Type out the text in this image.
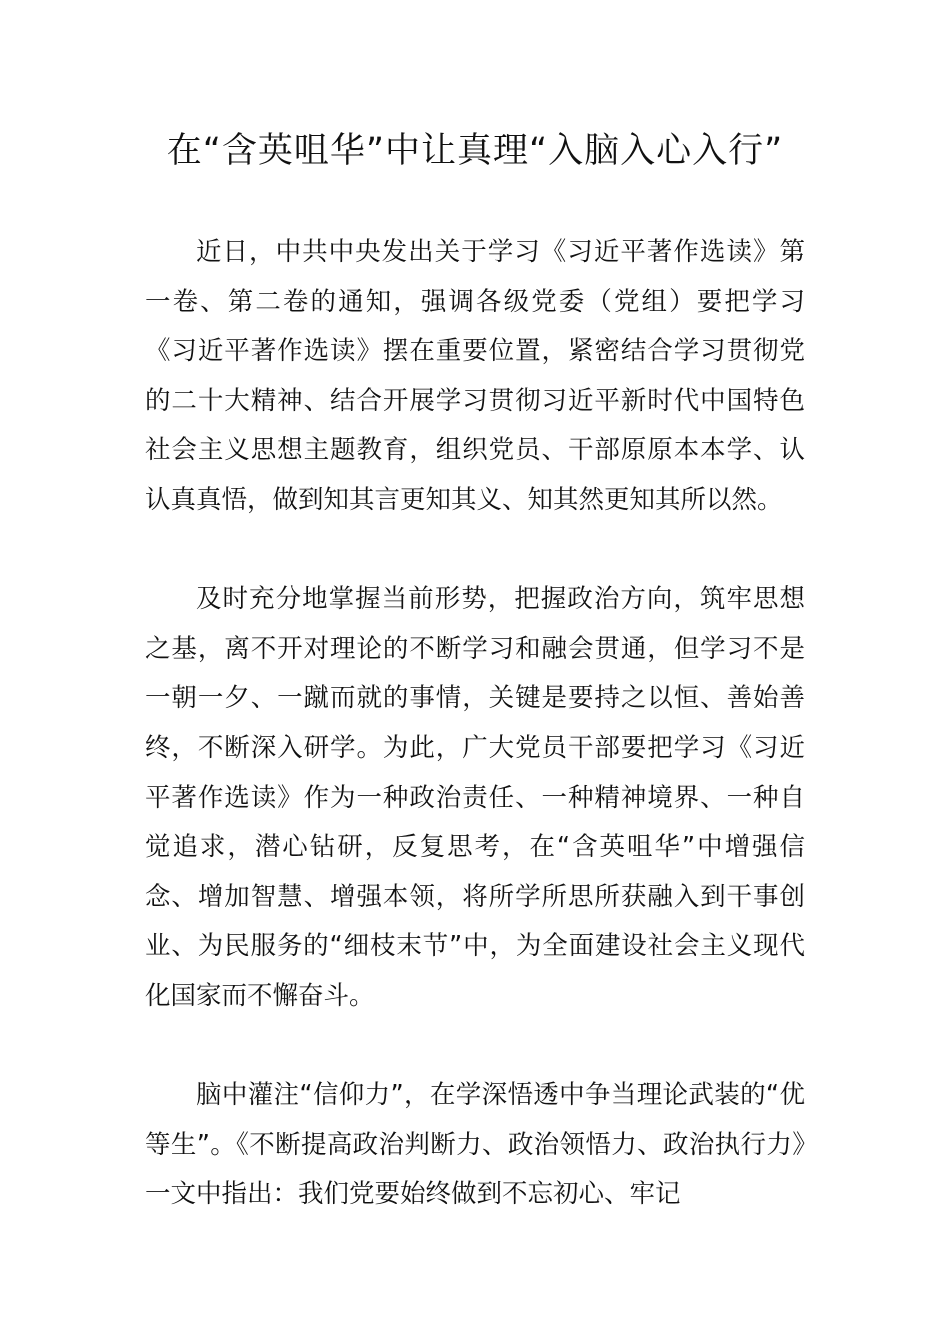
在“含英咀华”中让真理“入脑入心入行”

近日，中共中央发出关于学习《习近平著作选读》第一卷、第二卷的通知，强调各级党委（党组）要把学习《习近平著作选读》摆在重要位置，紧密结合学习贯彻党的二十大精神、结合开展学习贯彻习近平新时代中国特色社会主义思想主题教育，组织党员、干部原原本本学、认认真真悟，做到知其言更知其义、知其然更知其所以然。

及时充分地掌握当前形势，把握政治方向，筑牢思想之基，离不开对理论的不断学习和融会贯通，但学习不是一朝一夕、一蹴而就的事情，关键是要持之以恒、善始善终，不断深入研学。为此，广大党员干部要把学习《习近平著作选读》作为一种政治责任、一种精神境界、一种自觉追求，潜心钻研，反复思考，在“含英咀华”中增强信念、增加智慧、增强本领，将所学所思所获融入到干事创业、为民服务的“细枝末节”中，为全面建设社会主义现代化国家而不懈奋斗。

脑中灌注“信仰力”，在学深悟透中争当理论武装的“优等生”。《不断提高政治判断力、政治领悟力、政治执行力》一文中指出：我们党要始终做到不忘初心、牢记
